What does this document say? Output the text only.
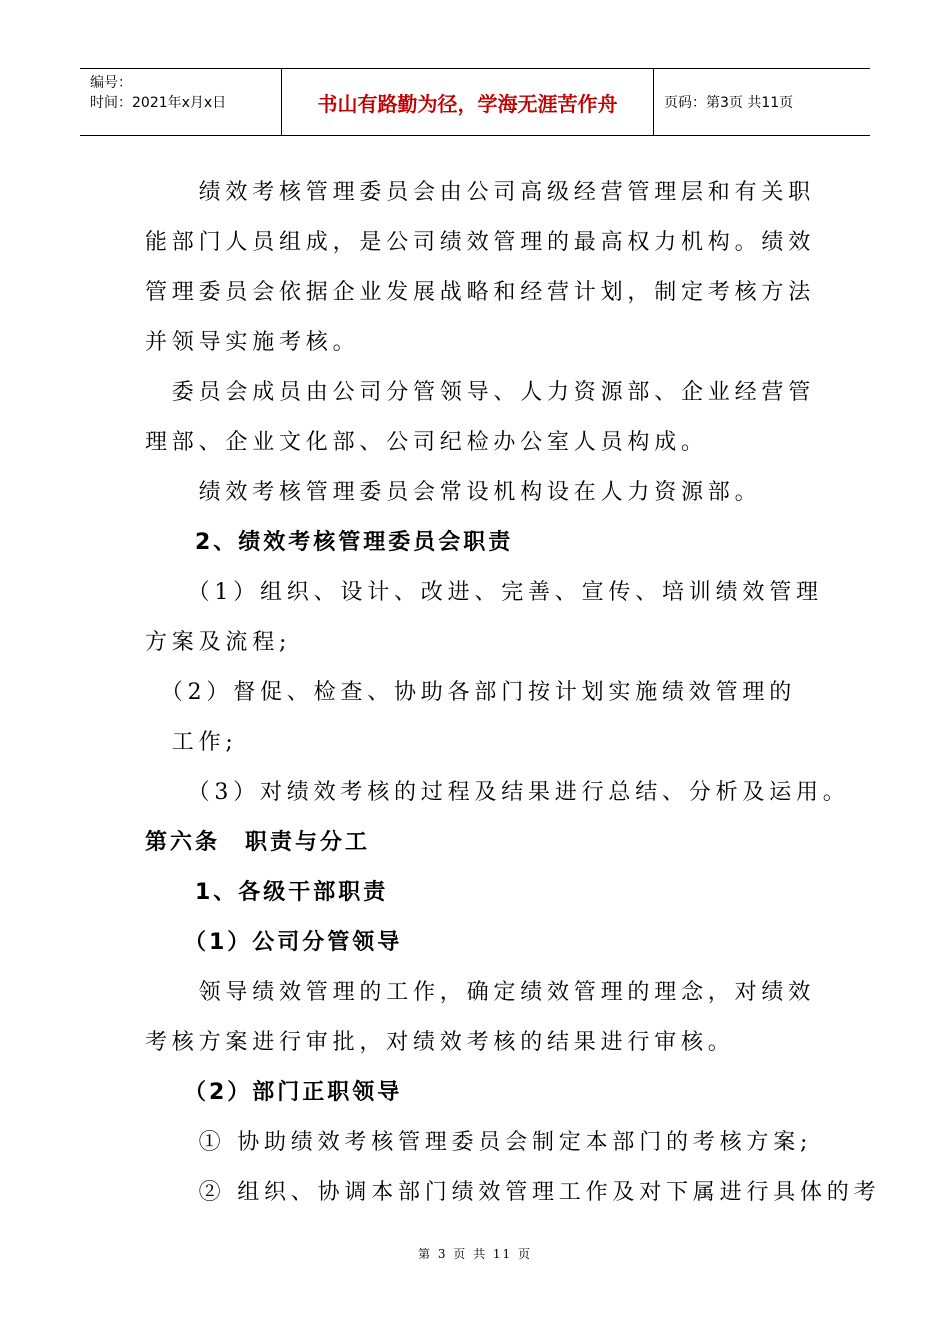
编号：
时间：2021年x月x日	书山有路勤为径，学海无涯苦作舟	页码：第3页 共11页
　　绩效考核管理委员会由公司高级经营管理层和有关职
能部门人员组成，是公司绩效管理的最高权力机构。绩效
管理委员会依据企业发展战略和经营计划，制定考核方法
并领导实施考核。
　委员会成员由公司分管领导、人力资源部、企业经营管
理部、企业文化部、公司纪检办公室人员构成。
　　绩效考核管理委员会常设机构设在人力资源部。
　　2、绩效考核管理委员会职责
　　（1）组织、设计、改进、完善、宣传、培训绩效管理
方案及流程;
　（2）督促、检查、协助各部门按计划实施绩效管理的
　工作;
　　（3）对绩效考核的过程及结果进行总结、分析及运用。
第六条　职责与分工
　　1、各级干部职责
　　（1）公司分管领导
　　领导绩效管理的工作，确定绩效管理的理念，对绩效
考核方案进行审批，对绩效考核的结果进行审核。
　　（2）部门正职领导
　　① 协助绩效考核管理委员会制定本部门的考核方案;
　　② 组织、协调本部门绩效管理工作及对下属进行具体的考
第 3 页 共 11 页
